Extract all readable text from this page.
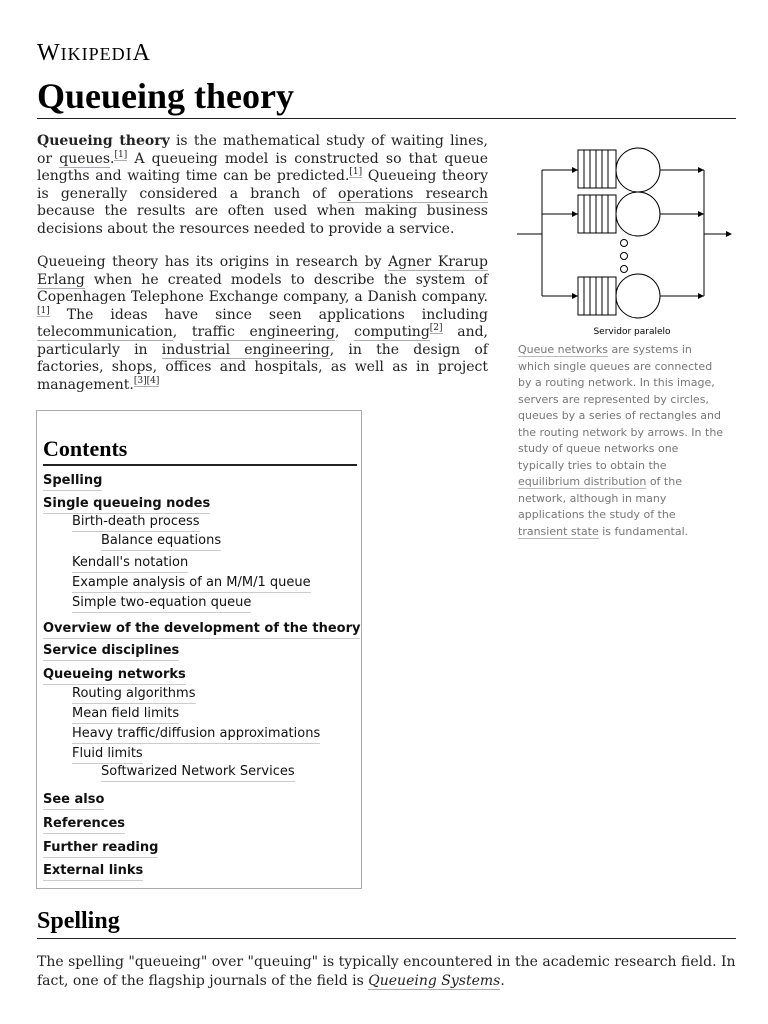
WIKIPEDIA
Queueing theory

Queueing theory is the mathematical study of waiting lines, or queues.[1] A queueing model is constructed so that queue lengths and waiting time can be predicted.[1] Queueing theory is generally considered a branch of operations research because the results are often used when making business decisions about the resources needed to provide a service.

Queueing theory has its origins in research by Agner Krarup Erlang when he created models to describe the system of Copenhagen Telephone Exchange company, a Danish company.[1] The ideas have since seen applications including telecommunication, traffic engineering, computing[2] and, particularly in industrial engineering, in the design of factories, shops, offices and hospitals, as well as in project management.[3][4]

Servidor paralelo
Queue networks are systems in which single queues are connected by a routing network. In this image, servers are represented by circles, queues by a series of rectangles and the routing network by arrows. In the study of queue networks one typically tries to obtain the equilibrium distribution of the network, although in many applications the study of the transient state is fundamental.
Contents
Spelling
Single queueing nodes
Birth-death process
Balance equations
Kendall's notation
Example analysis of an M/M/1 queue
Simple two-equation queue
Overview of the development of the theory
Service disciplines
Queueing networks
Routing algorithms
Mean field limits
Heavy traffic/diffusion approximations
Fluid limits
Softwarized Network Services
See also
References
Further reading
External links
Spelling

The spelling "queueing" over "queuing" is typically encountered in the academic research field. In fact, one of the flagship journals of the field is Queueing Systems.
